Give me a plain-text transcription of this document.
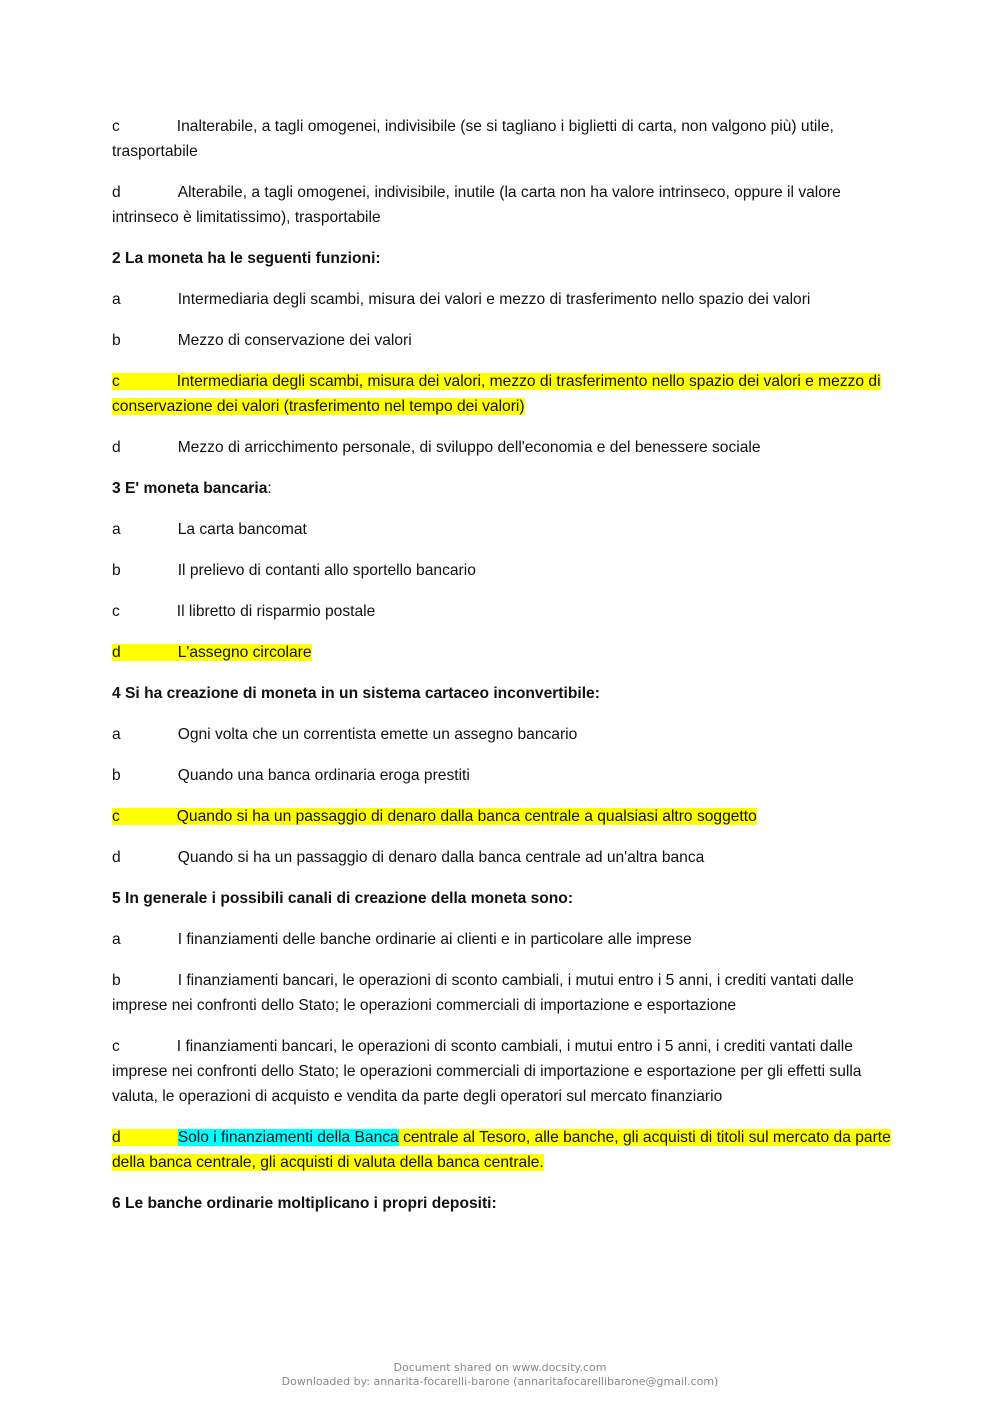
c	Inalterabile, a tagli omogenei, indivisibile (se si tagliano i biglietti di carta, non valgono più) utile, trasportabile

d	Alterabile, a tagli omogenei, indivisibile, inutile (la carta non ha valore intrinseco, oppure il valore intrinseco è limitatissimo), trasportabile

2 La moneta ha le seguenti funzioni:

a	Intermediaria degli scambi, misura dei valori e mezzo di trasferimento nello spazio dei valori

b	Mezzo di conservazione dei valori

c	Intermediaria degli scambi, misura dei valori, mezzo di trasferimento nello spazio dei valori e mezzo di conservazione dei valori (trasferimento nel tempo dei valori)

d	Mezzo di arricchimento personale, di sviluppo dell'economia e del benessere sociale

3 E' moneta bancaria:

a	La carta bancomat

b	Il prelievo di contanti allo sportello bancario

c	Il libretto di risparmio postale

d	L'assegno circolare

4 Si ha creazione di moneta in un sistema cartaceo inconvertibile:

a	Ogni volta che un correntista emette un assegno bancario

b	Quando una banca ordinaria eroga prestiti

c	Quando si ha un passaggio di denaro dalla banca centrale a qualsiasi altro soggetto

d	Quando si ha un passaggio di denaro dalla banca centrale ad un'altra banca

5 In generale i possibili canali di creazione della moneta sono:

a	I finanziamenti delle banche ordinarie ai clienti e in particolare alle imprese

b	I finanziamenti bancari, le operazioni di sconto cambiali, i mutui entro i 5 anni, i crediti vantati dalle imprese nei confronti dello Stato; le operazioni commerciali di importazione e esportazione

c	I finanziamenti bancari, le operazioni di sconto cambiali, i mutui entro i 5 anni, i crediti vantati dalle imprese nei confronti dello Stato; le operazioni commerciali di importazione e esportazione per gli effetti sulla valuta, le operazioni di acquisto e vendita da parte degli operatori sul mercato finanziario

d	Solo i finanziamenti della Banca centrale al Tesoro, alle banche, gli acquisti di titoli sul mercato da parte della banca centrale, gli acquisti di valuta della banca centrale.

6 Le banche ordinarie moltiplicano i propri depositi:

Document shared on www.docsity.com
Downloaded by: annarita-focarelli-barone (annaritafocarellibarone@gmail.com)
